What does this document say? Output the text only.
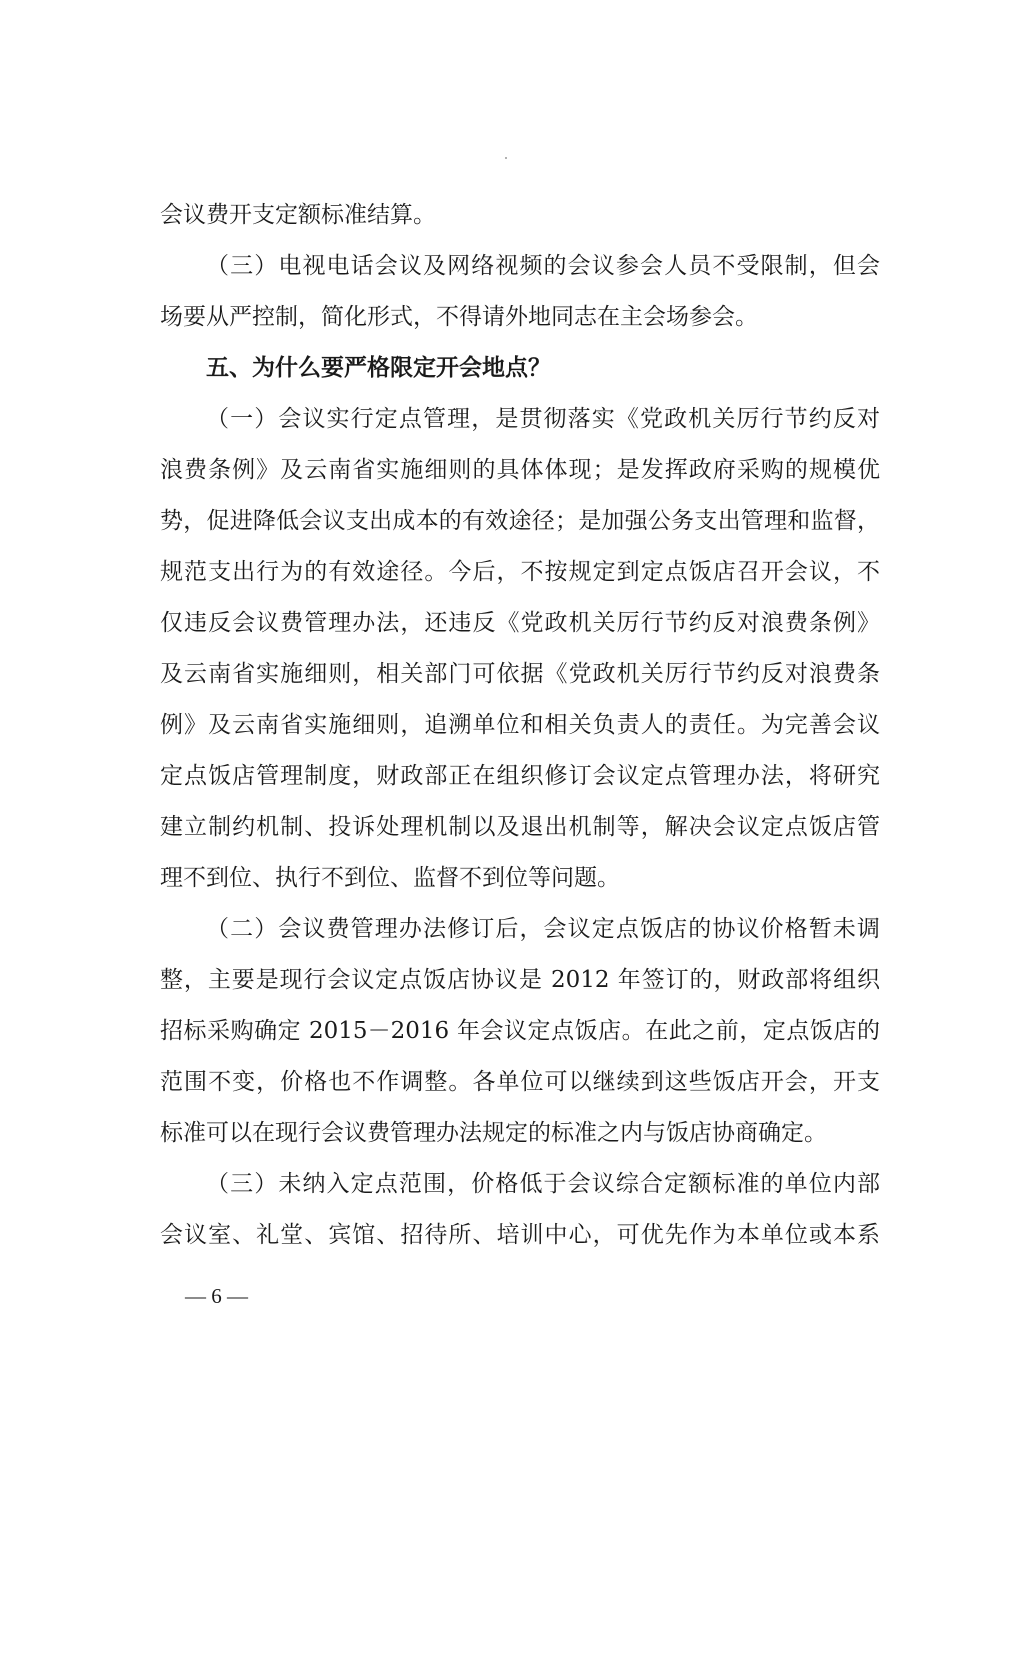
会议费开支定额标准结算。
（三）电视电话会议及网络视频的会议参会人员不受限制，但会
场要从严控制，简化形式，不得请外地同志在主会场参会。
五、为什么要严格限定开会地点？
（一）会议实行定点管理，是贯彻落实《党政机关厉行节约反对
浪费条例》及云南省实施细则的具体体现；是发挥政府采购的规模优
势，促进降低会议支出成本的有效途径；是加强公务支出管理和监督，
规范支出行为的有效途径。今后，不按规定到定点饭店召开会议，不
仅违反会议费管理办法，还违反《党政机关厉行节约反对浪费条例》
及云南省实施细则，相关部门可依据《党政机关厉行节约反对浪费条
例》及云南省实施细则，追溯单位和相关负责人的责任。为完善会议
定点饭店管理制度，财政部正在组织修订会议定点管理办法，将研究
建立制约机制、投诉处理机制以及退出机制等，解决会议定点饭店管
理不到位、执行不到位、监督不到位等问题。
（二）会议费管理办法修订后，会议定点饭店的协议价格暂未调
整，主要是现行会议定点饭店协议是 2012 年签订的，财政部将组织
招标采购确定 2015－2016 年会议定点饭店。在此之前，定点饭店的
范围不变，价格也不作调整。各单位可以继续到这些饭店开会，开支
标准可以在现行会议费管理办法规定的标准之内与饭店协商确定。
（三）未纳入定点范围，价格低于会议综合定额标准的单位内部
会议室、礼堂、宾馆、招待所、培训中心，可优先作为本单位或本系
— 6 —
